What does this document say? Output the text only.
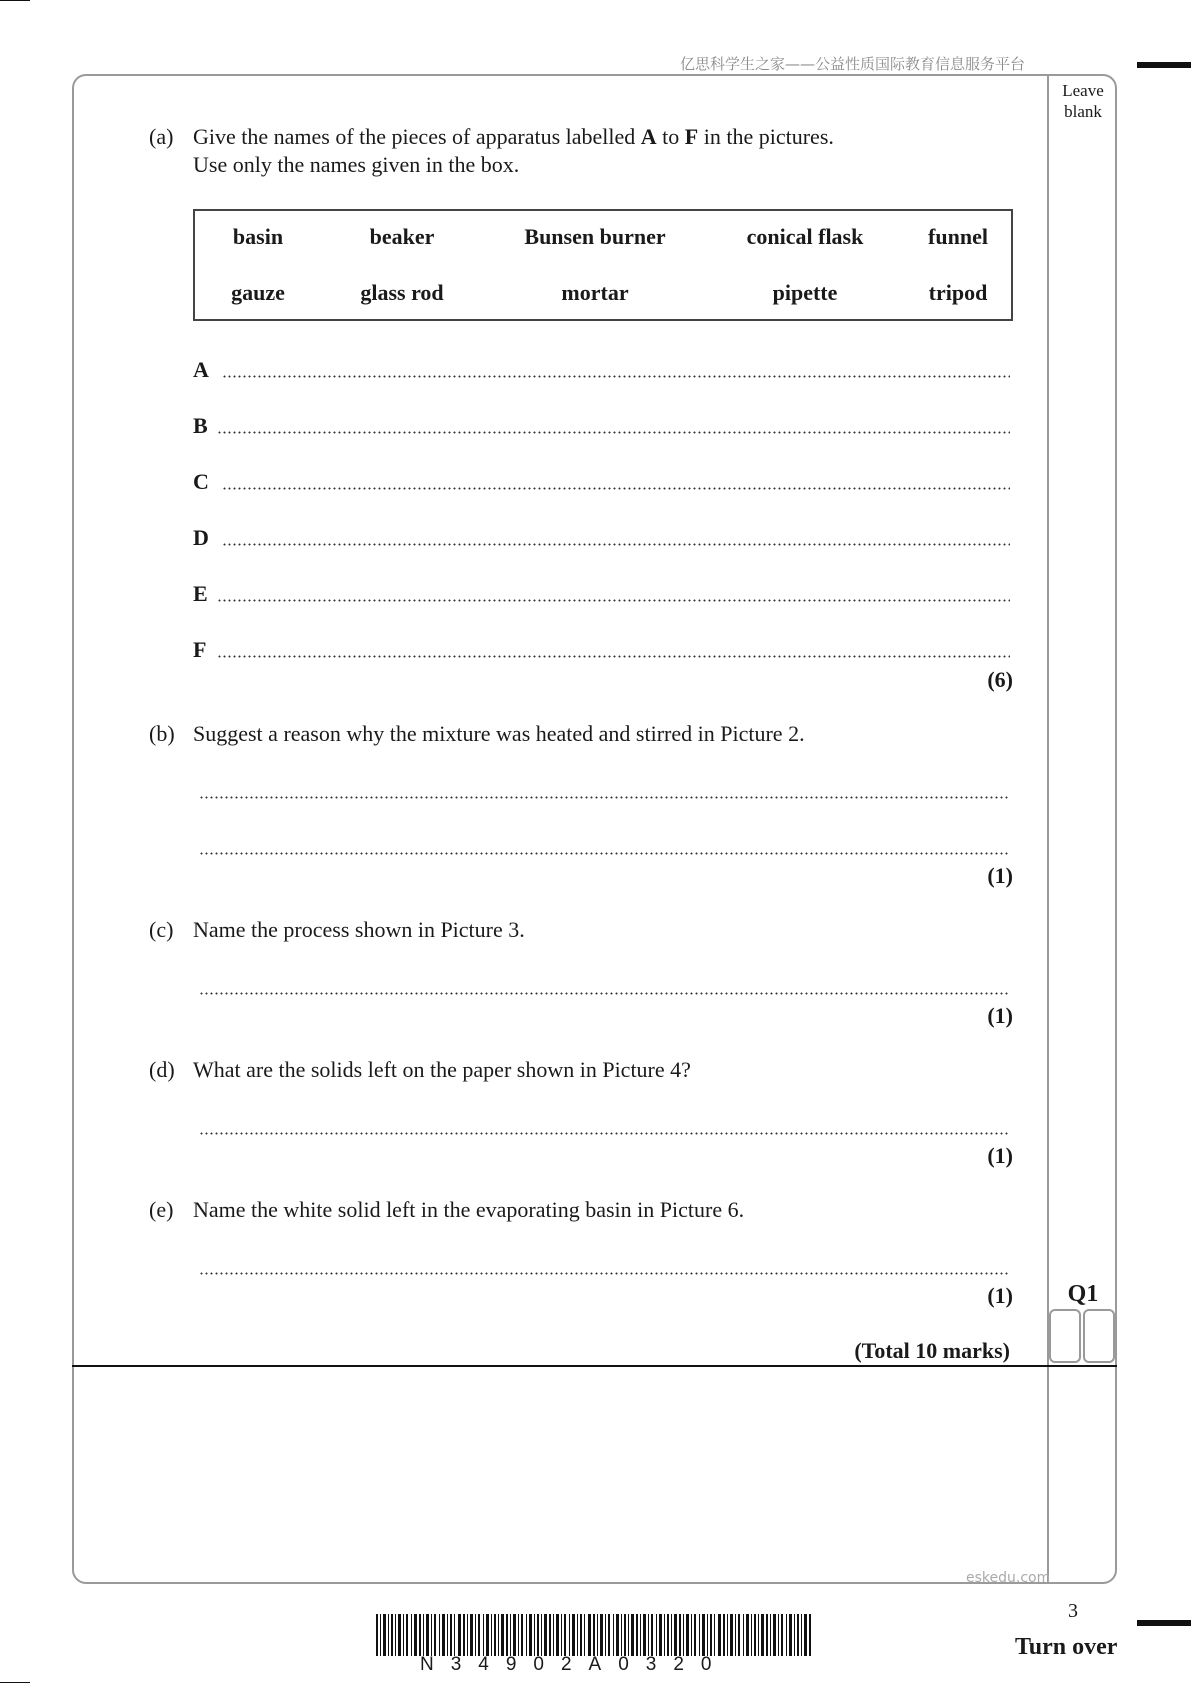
亿思科学生之家——公益性质国际教育信息服务平台
Leave blank
(a) Give the names of the pieces of apparatus labelled A to F in the pictures.
Use only the names given in the box.
basin	beaker	Bunsen burner	conical flask	funnel
gauze	glass rod	mortar	pipette	tripod
A
B
C
D
E
F
(6)
(b) Suggest a reason why the mixture was heated and stirred in Picture 2.
(1)
(c) Name the process shown in Picture 3.
(1)
(d) What are the solids left on the paper shown in Picture 4?
(1)
(e) Name the white solid left in the evaporating basin in Picture 6.
(1)	Q1
(Total 10 marks)
eskedu.com
3
Turn over
N34902A0320
